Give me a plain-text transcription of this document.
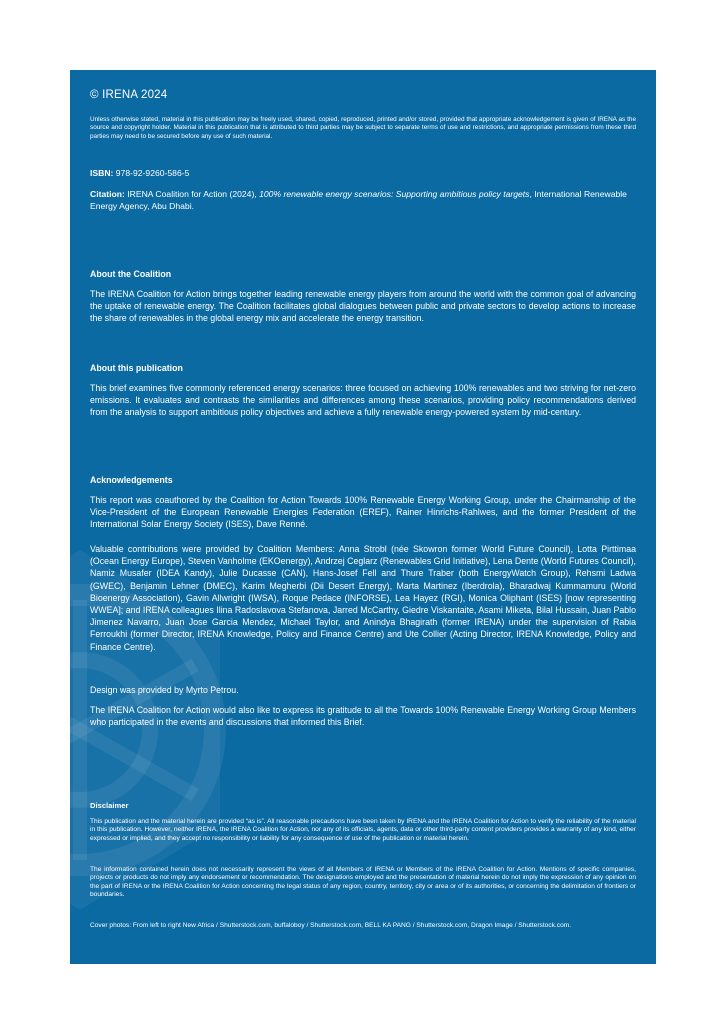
© IRENA 2024

Unless otherwise stated, material in this publication may be freely used, shared, copied, reproduced, printed and/or stored, provided that appropriate acknowledgement is given of IRENA as the source and copyright holder. Material in this publication that is attributed to third parties may be subject to separate terms of use and restrictions, and appropriate permissions from these third parties may need to be secured before any use of such material.

ISBN: 978-92-9260-586-5

Citation: IRENA Coalition for Action (2024), 100% renewable energy scenarios: Supporting ambitious policy targets, International Renewable Energy Agency, Abu Dhabi.

About the Coalition

The IRENA Coalition for Action brings together leading renewable energy players from around the world with the common goal of advancing the uptake of renewable energy. The Coalition facilitates global dialogues between public and private sectors to develop actions to increase the share of renewables in the global energy mix and accelerate the energy transition.

About this publication

This brief examines five commonly referenced energy scenarios: three focused on achieving 100% renewables and two striving for net-zero emissions. It evaluates and contrasts the similarities and differences among these scenarios, providing policy recommendations derived from the analysis to support ambitious policy objectives and achieve a fully renewable energy-powered system by mid-century.

Acknowledgements

This report was coauthored by the Coalition for Action Towards 100% Renewable Energy Working Group, under the Chairmanship of the Vice-President of the European Renewable Energies Federation (EREF), Rainer Hinrichs-Rahlwes, and the former President of the International Solar Energy Society (ISES), Dave Renné.

Valuable contributions were provided by Coalition Members: Anna Strobl (née Skowron former World Future Council), Lotta Pirttimaa (Ocean Energy Europe), Steven Vanholme (EKOenergy), Andrzej Ceglarz (Renewables Grid Initiative), Lena Dente (World Futures Council), Namiz Musafer (IDEA Kandy), Julie Ducasse (CAN), Hans-Josef Fell and Thure Traber (both EnergyWatch Group), Rehsmi Ladwa (GWEC), Benjamin Lehner (DMEC), Karim Megherbi (Dii Desert Energy), Marta Martinez (Iberdrola), Bharadwaj Kummamuru (World Bioenergy Association), Gavin Allwright (IWSA), Roque Pedace (INFORSE), Lea Hayez (RGI), Monica Oliphant (ISES) [now representing WWEA]; and IRENA colleagues Ilina Radoslavova Stefanova, Jarred McCarthy, Giedre Viskantaite, Asami Miketa, Bilal Hussain, Juan Pablo Jimenez Navarro, Juan Jose Garcia Mendez, Michael Taylor, and Anindya Bhagirath (former IRENA) under the supervision of Rabia Ferroukhi (former Director, IRENA Knowledge, Policy and Finance Centre) and Ute Collier (Acting Director, IRENA Knowledge, Policy and Finance Centre).

Design was provided by Myrto Petrou.

The IRENA Coalition for Action would also like to express its gratitude to all the Towards 100% Renewable Energy Working Group Members who participated in the events and discussions that informed this Brief.

Disclaimer

This publication and the material herein are provided “as is”. All reasonable precautions have been taken by IRENA and the IRENA Coalition for Action to verify the reliability of the material in this publication. However, neither IRENA, the IRENA Coalition for Action, nor any of its officials, agents, data or other third-party content providers provides a warranty of any kind, either expressed or implied, and they accept no responsibility or liability for any consequence of use of the publication or material herein.

The information contained herein does not necessarily represent the views of all Members of IRENA or Members of the IRENA Coalition for Action. Mentions of specific companies, projects or products do not imply any endorsement or recommendation. The designations employed and the presentation of material herein do not imply the expression of any opinion on the part of IRENA or the IRENA Coalition for Action concerning the legal status of any region, country, territory, city or area or of its authorities, or concerning the delimitation of frontiers or boundaries.

Cover photos: From left to right New Africa / Shutterstock.com, buffaloboy / Shutterstock.com, BELL KA PANG / Shutterstock.com, Dragon Image / Shutterstock.com.
